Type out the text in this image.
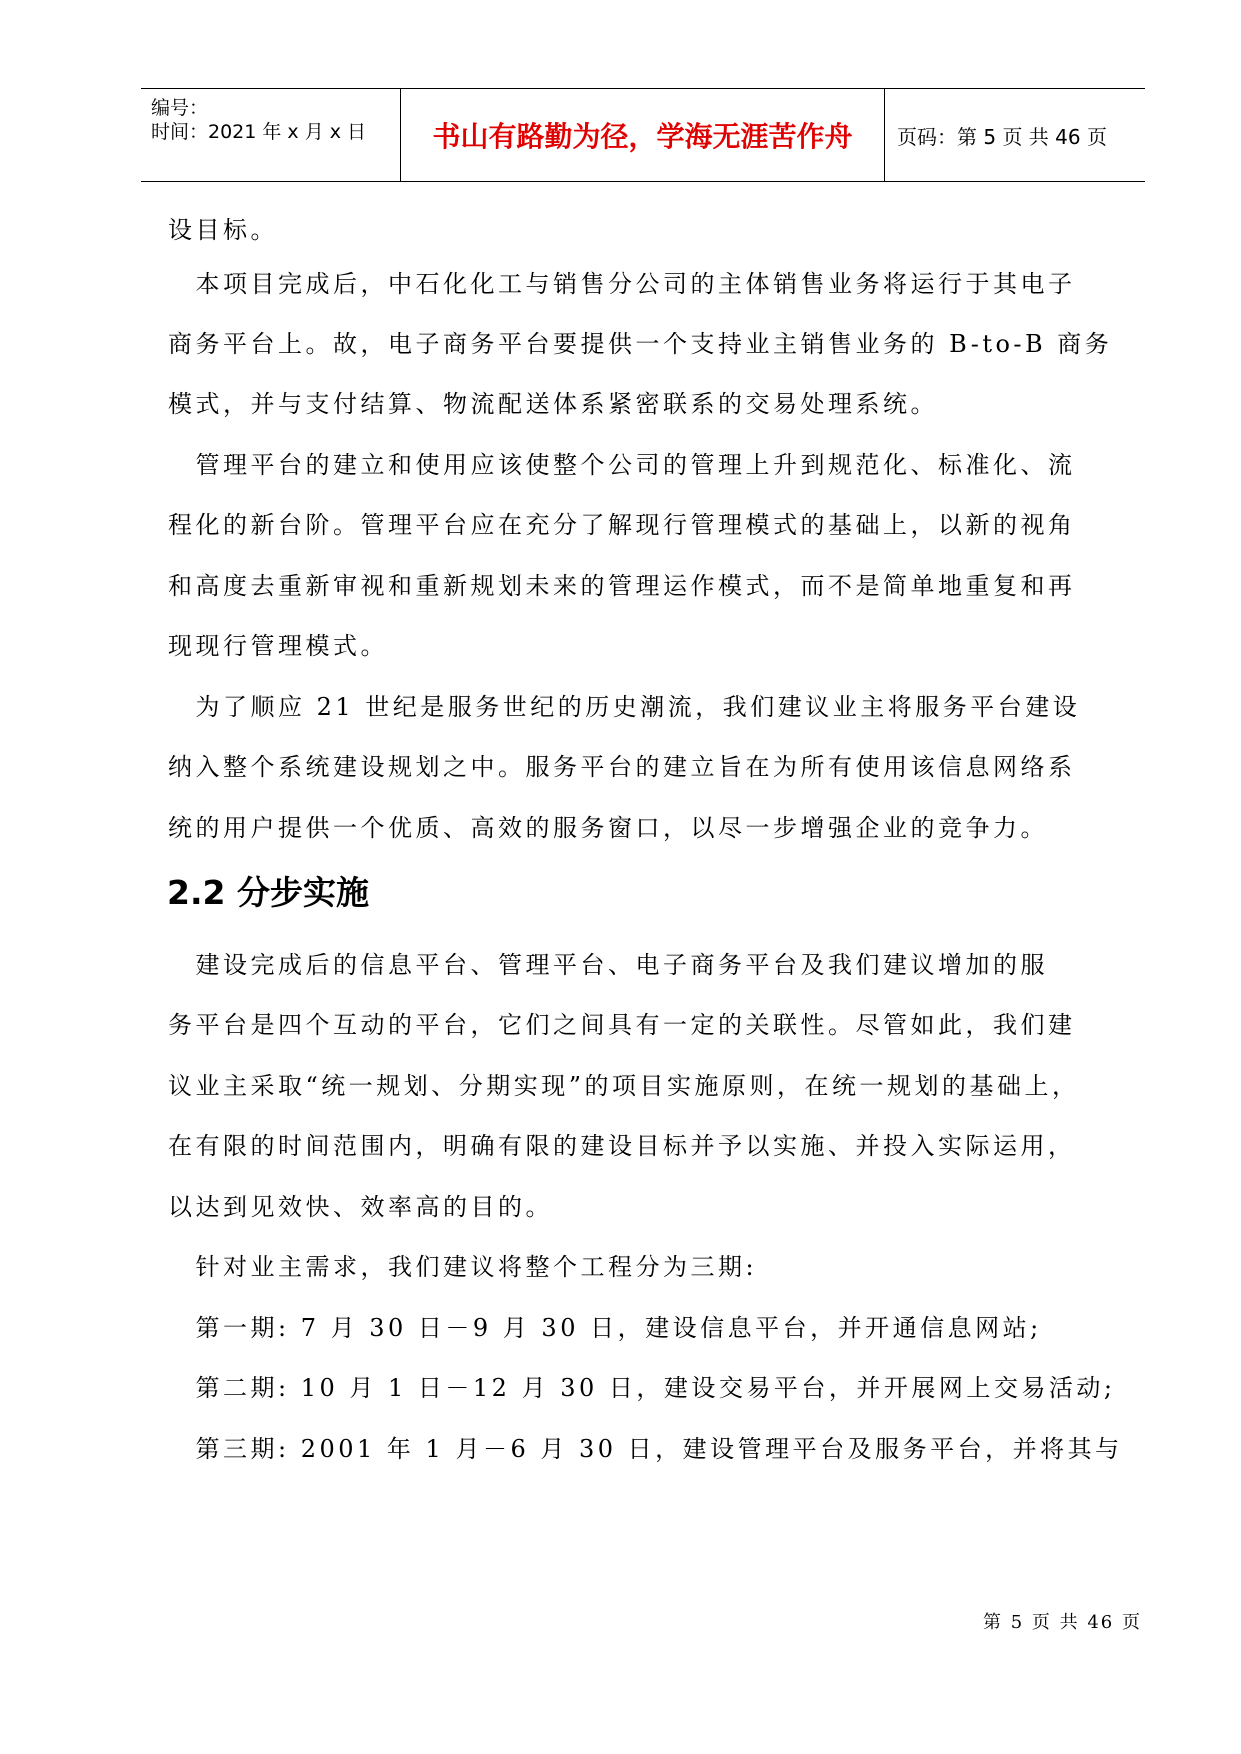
编号：
时间：2021 年 x 月 x 日	书山有路勤为径，学海无涯苦作舟	页码：第 5 页 共 46 页
设目标。
　本项目完成后，中石化化工与销售分公司的主体销售业务将运行于其电子
商务平台上。故，电子商务平台要提供一个支持业主销售业务的 B-to-B 商务
模式，并与支付结算、物流配送体系紧密联系的交易处理系统。
　管理平台的建立和使用应该使整个公司的管理上升到规范化、标准化、流
程化的新台阶。管理平台应在充分了解现行管理模式的基础上，以新的视角
和高度去重新审视和重新规划未来的管理运作模式，而不是简单地重复和再
现现行管理模式。
　为了顺应 21 世纪是服务世纪的历史潮流，我们建议业主将服务平台建设
纳入整个系统建设规划之中。服务平台的建立旨在为所有使用该信息网络系
统的用户提供一个优质、高效的服务窗口，以尽一步增强企业的竞争力。
2.2 分步实施
　建设完成后的信息平台、管理平台、电子商务平台及我们建议增加的服
务平台是四个互动的平台，它们之间具有一定的关联性。尽管如此，我们建
议业主采取“统一规划、分期实现”的项目实施原则，在统一规划的基础上，
在有限的时间范围内，明确有限的建设目标并予以实施、并投入实际运用，
以达到见效快、效率高的目的。
　针对业主需求，我们建议将整个工程分为三期:
　第一期: 7 月 30 日－9 月 30 日，建设信息平台，并开通信息网站;
　第二期: 10 月 1 日－12 月 30 日，建设交易平台，并开展网上交易活动;
　第三期: 2001 年 1 月－6 月 30 日，建设管理平台及服务平台，并将其与
第 5 页 共 46 页
